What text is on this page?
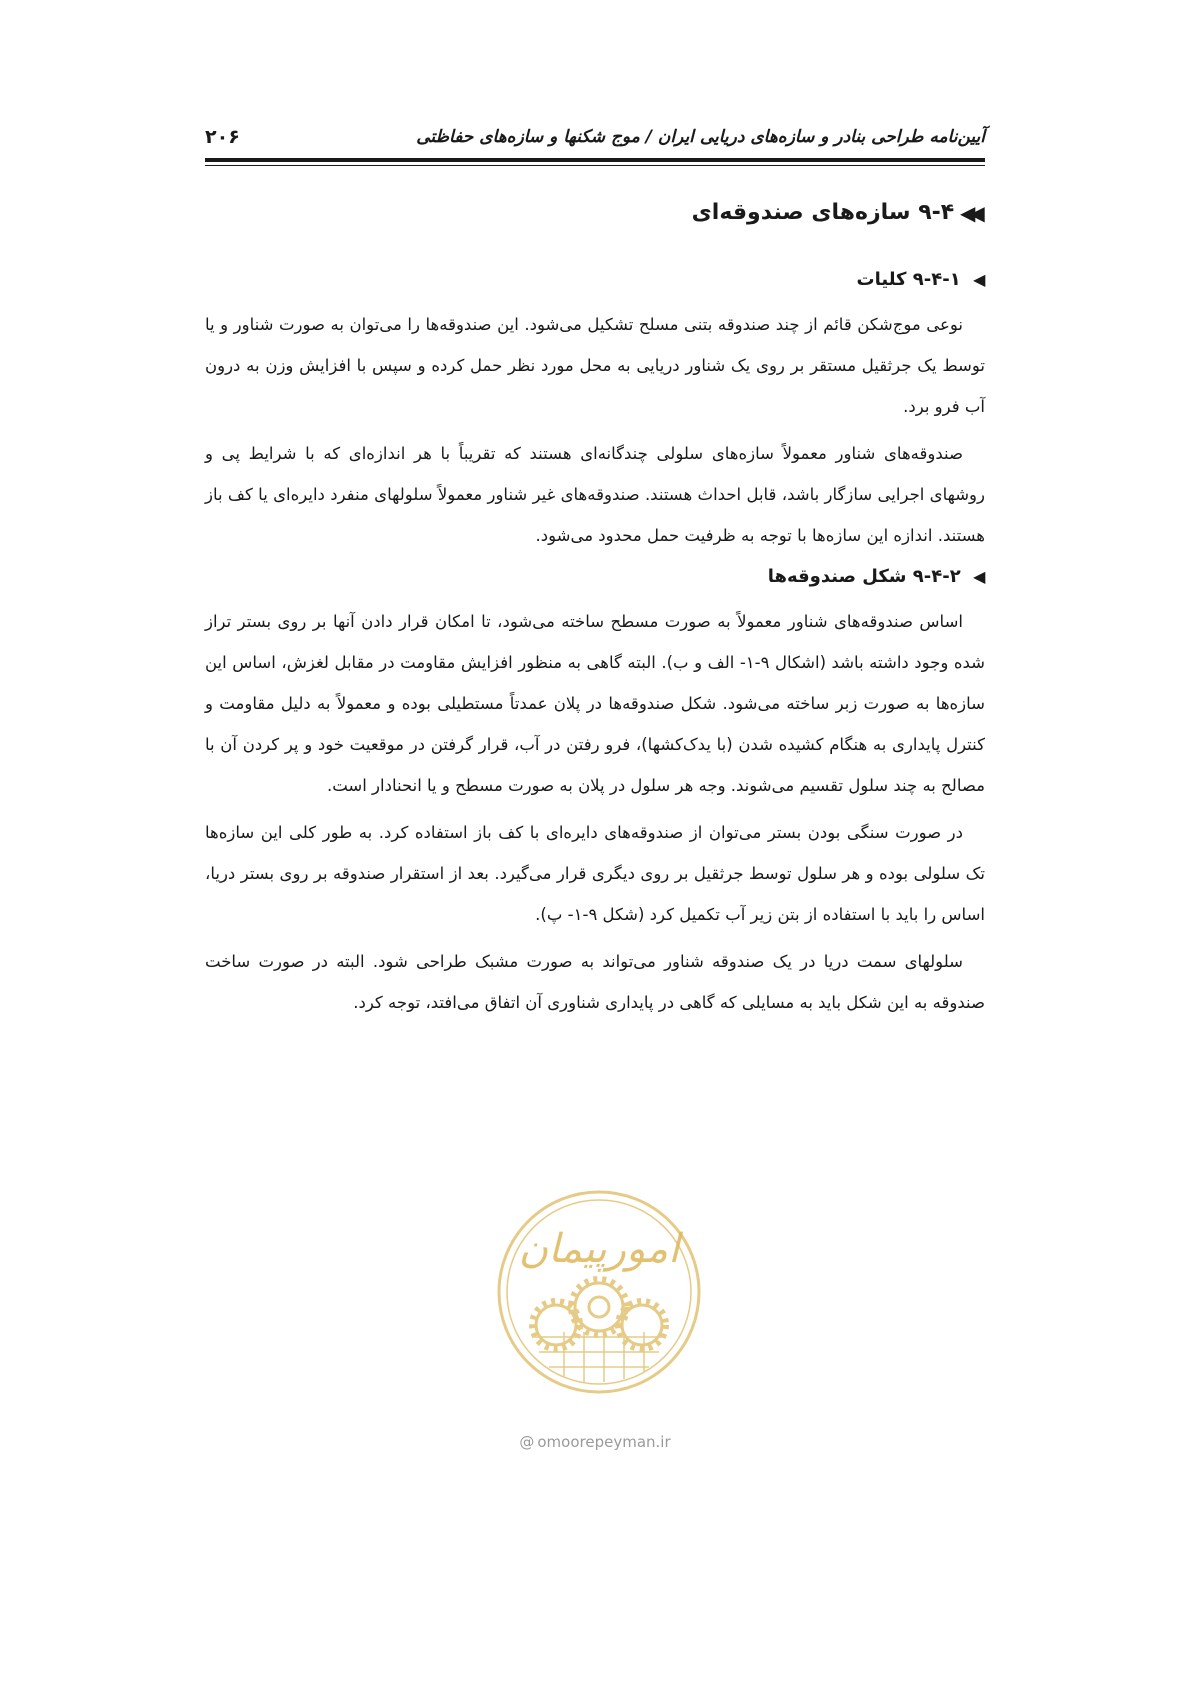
آیین‌نامه طراحی بنادر و سازه‌های دریایی ایران / موج شکنها و سازه‌های حفاظتی
۲۰۶
▶▶
۹-۴ سازه‌های صندوقه‌ای
▶
۹-۴-۱ کلیات

نوعی موج‌شکن قائم از چند صندوقه بتنی مسلح تشکیل می‌شود. این صندوقه‌ها را می‌توان به صورت شناور و یا توسط یک جرثقیل مستقر بر روی یک شناور دریایی به محل مورد نظر حمل کرده و سپس با افزایش وزن به درون آب فرو برد.

صندوقه‌های شناور معمولاً سازه‌های سلولی چندگانه‌ای هستند که تقریباً با هر اندازه‌ای که با شرایط پی و روشهای اجرایی سازگار باشد، قابل احداث هستند. صندوقه‌های غیر شناور معمولاً سلولهای منفرد دایره‌ای یا کف باز هستند. اندازه این سازه‌ها با توجه به ظرفیت حمل محدود می‌شود.

▶
۹-۴-۲ شکل صندوقه‌ها

اساس صندوقه‌های شناور معمولاً به صورت مسطح ساخته می‌شود، تا امکان قرار دادن آنها بر روی بستر تراز شده وجود داشته باشد (اشکال ۹-۱- الف و ب). البته گاهی به منظور افزایش مقاومت در مقابل لغزش، اساس این سازه‌ها به صورت زبر ساخته می‌شود. شکل صندوقه‌ها در پلان عمدتاً مستطیلی بوده و معمولاً به دلیل مقاومت و کنترل پایداری به هنگام کشیده شدن (با یدک‌کشها)، فرو رفتن در آب، قرار گرفتن در موقعیت خود و پر کردن آن با مصالح به چند سلول تقسیم می‌شوند. وجه هر سلول در پلان به صورت مسطح و یا انحنادار است.

در صورت سنگی بودن بستر می‌توان از صندوقه‌های دایره‌ای با کف باز استفاده کرد. به طور کلی این سازه‌ها تک سلولی بوده و هر سلول توسط جرثقیل بر روی دیگری قرار می‌گیرد. بعد از استقرار صندوقه بر روی بستر دریا، اساس را باید با استفاده از بتن زیر آب تکمیل کرد (شکل ۹-۱- پ).

سلولهای سمت دریا در یک صندوقه شناور می‌تواند به صورت مشبک طراحی شود. البته در صورت ساخت صندوقه به این شکل باید به مسایلی که گاهی در پایداری شناوری آن اتفاق می‌افتد، توجه کرد.

امورپیمان
@ omoorepeyman.ir
